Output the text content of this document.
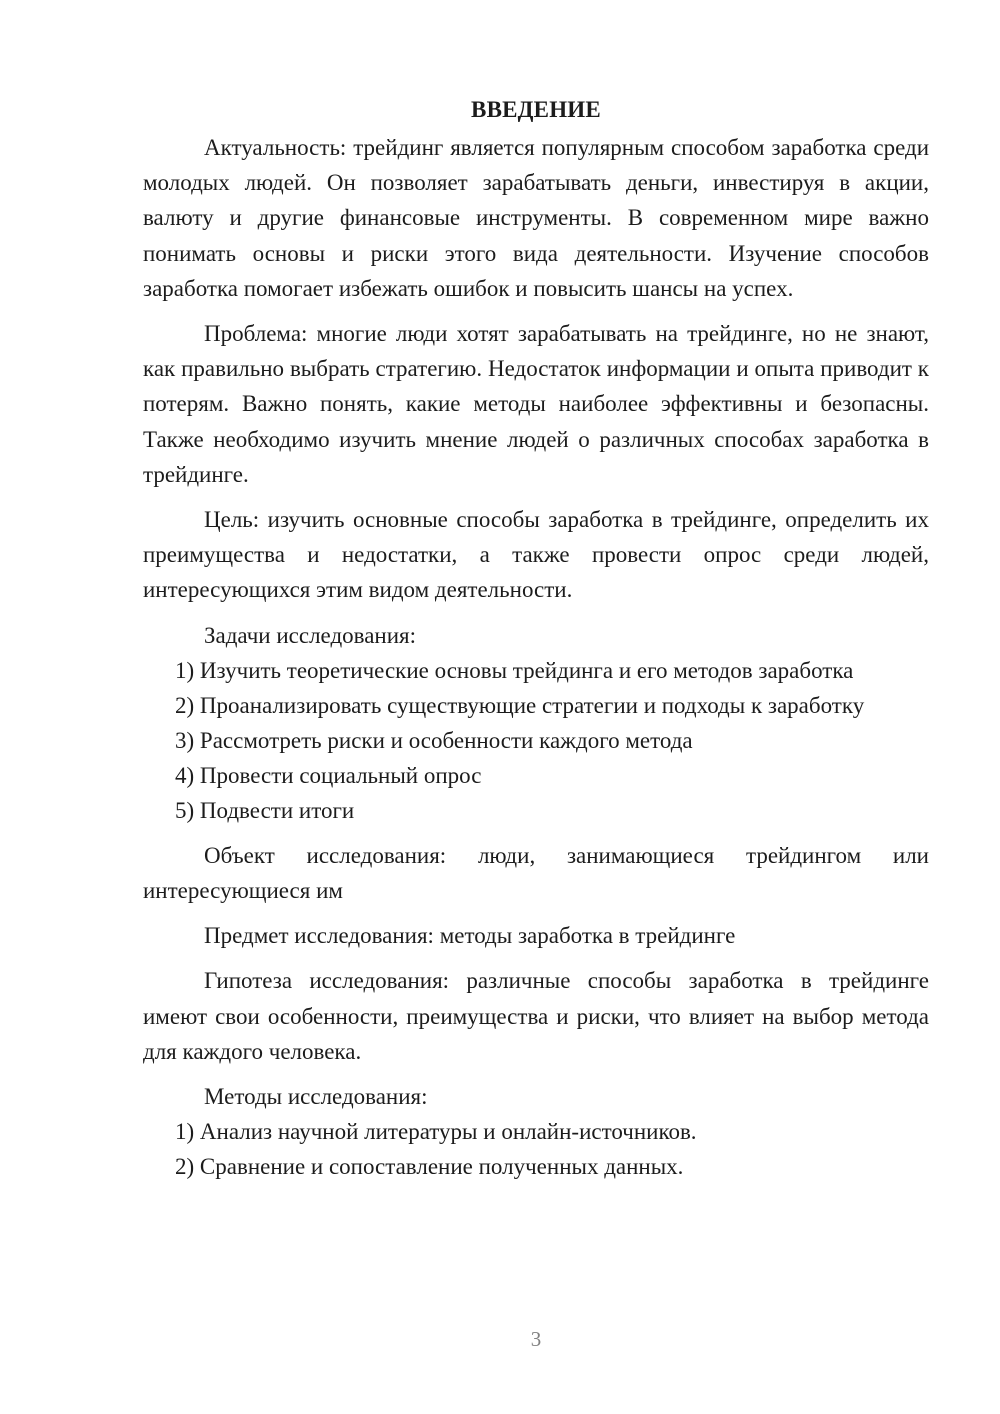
ВВЕДЕНИЕ

Актуальность: трейдинг является популярным способом заработка среди молодых людей. Он позволяет зарабатывать деньги, инвестируя в акции, валюту и другие финансовые инструменты. В современном мире важно понимать основы и риски этого вида деятельности. Изучение способов заработка помогает избежать ошибок и повысить шансы на успех.

Проблема: многие люди хотят зарабатывать на трейдинге, но не знают, как правильно выбрать стратегию. Недостаток информации и опыта приводит к потерям. Важно понять, какие методы наиболее эффективны и безопасны. Также необходимо изучить мнение людей о различных способах заработка в трейдинге.

Цель: изучить основные способы заработка в трейдинге, определить их преимущества и недостатки, а также провести опрос среди людей, интересующихся этим видом деятельности.

Задачи исследования:

1) Изучить теоретические основы трейдинга и его методов заработка

2) Проанализировать существующие стратегии и подходы к заработку

3) Рассмотреть риски и особенности каждого метода

4) Провести социальный опрос

5) Подвести итоги

Объект исследования: люди, занимающиеся трейдингом или интересующиеся им

Предмет исследования: методы заработка в трейдинге

Гипотеза исследования: различные способы заработка в трейдинге имеют свои особенности, преимущества и риски, что влияет на выбор метода для каждого человека.

Методы исследования:

1) Анализ научной литературы и онлайн-источников.

2) Сравнение и сопоставление полученных данных.

3
